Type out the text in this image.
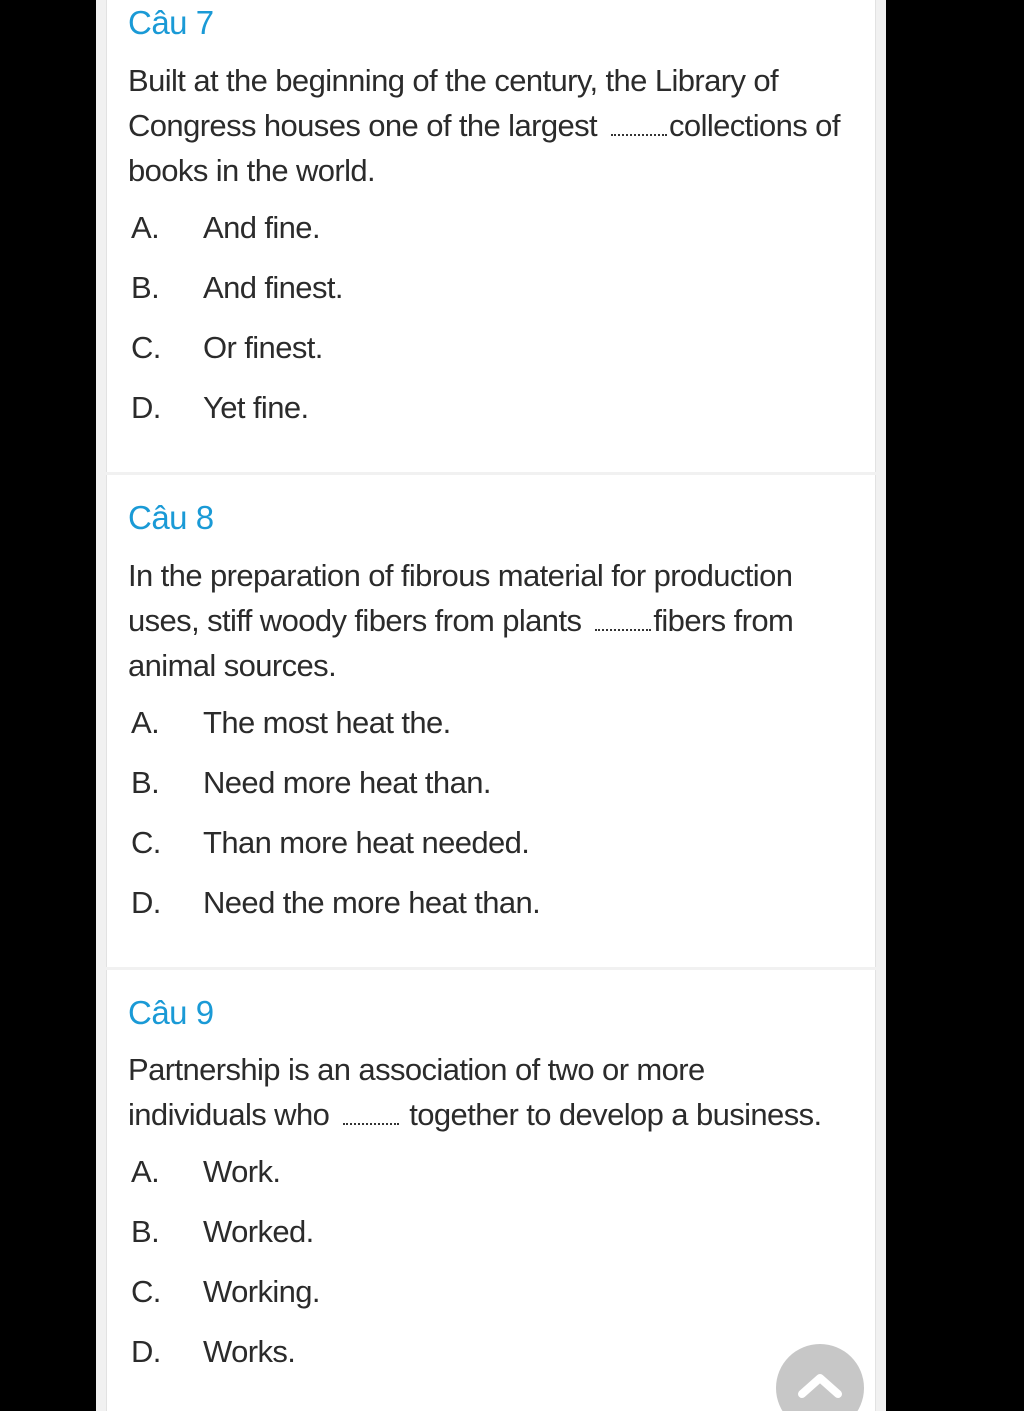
Câu 7
Built at the beginning of the century, the Library of Congress houses one of the largest collections of books in the world.
A. And fine.
B. And finest.
C. Or finest.
D. Yet fine.
Câu 8
In the preparation of fibrous material for production uses, stiff woody fibers from plants fibers from animal sources.
A. The most heat the.
B. Need more heat than.
C. Than more heat needed.
D. Need the more heat than.
Câu 9
Partnership is an association of two or more individuals who  together to develop a business.
A. Work.
B. Worked.
C. Working.
D. Works.
